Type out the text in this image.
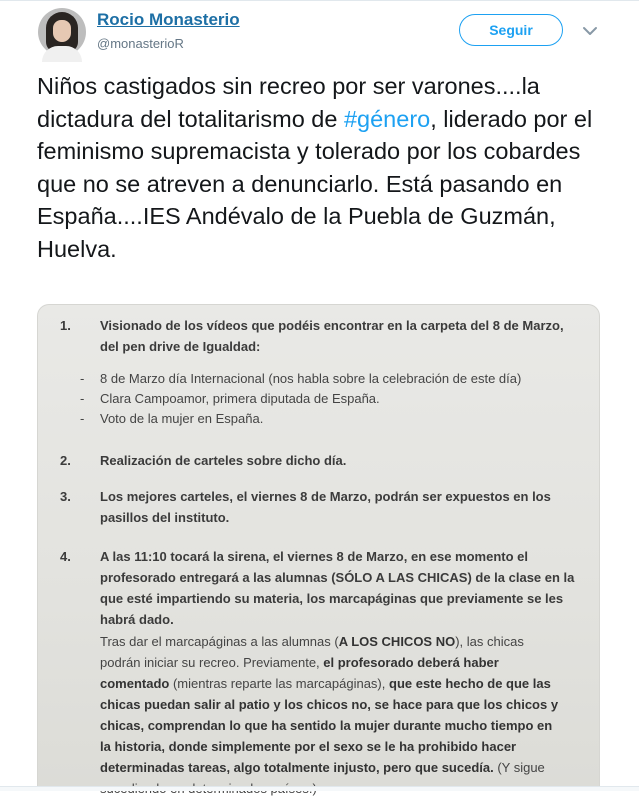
Rocio Monasterio
@monasterioR
Seguir

Niños castigados sin recreo por ser varones....la dictadura del totalitarismo de #género, liderado por el feminismo supremacista y tolerado por los cobardes que no se atreven a denunciarlo. Está pasando en España....IES Andévalo de la Puebla de Guzmán, Huelva.

1. Visionado de los vídeos que podéis encontrar en la carpeta del 8 de Marzo, del pen drive de Igualdad:
- 8 de Marzo día Internacional (nos habla sobre la celebración de este día)
- Clara Campoamor, primera diputada de España.
- Voto de la mujer en España.
2. Realización de carteles sobre dicho día.
3. Los mejores carteles, el viernes 8 de Marzo, podrán ser expuestos en los pasillos del instituto.
4. A las 11:10 tocará la sirena, el viernes 8 de Marzo, en ese momento el profesorado entregará a las alumnas (SÓLO A LAS CHICAS) de la clase en la que esté impartiendo su materia, los marcapáginas que previamente se les habrá dado.
Tras dar el marcapáginas a las alumnas (A LOS CHICOS NO), las chicas podrán iniciar su recreo. Previamente, el profesorado deberá haber comentado (mientras reparte las marcapáginas), que este hecho de que las chicas puedan salir al patio y los chicos no, se hace para que los chicos y chicas, comprendan lo que ha sentido la mujer durante mucho tiempo en la historia, donde simplemente por el sexo se le ha prohibido hacer determinadas tareas, algo totalmente injusto, pero que sucedía. (Y sigue
